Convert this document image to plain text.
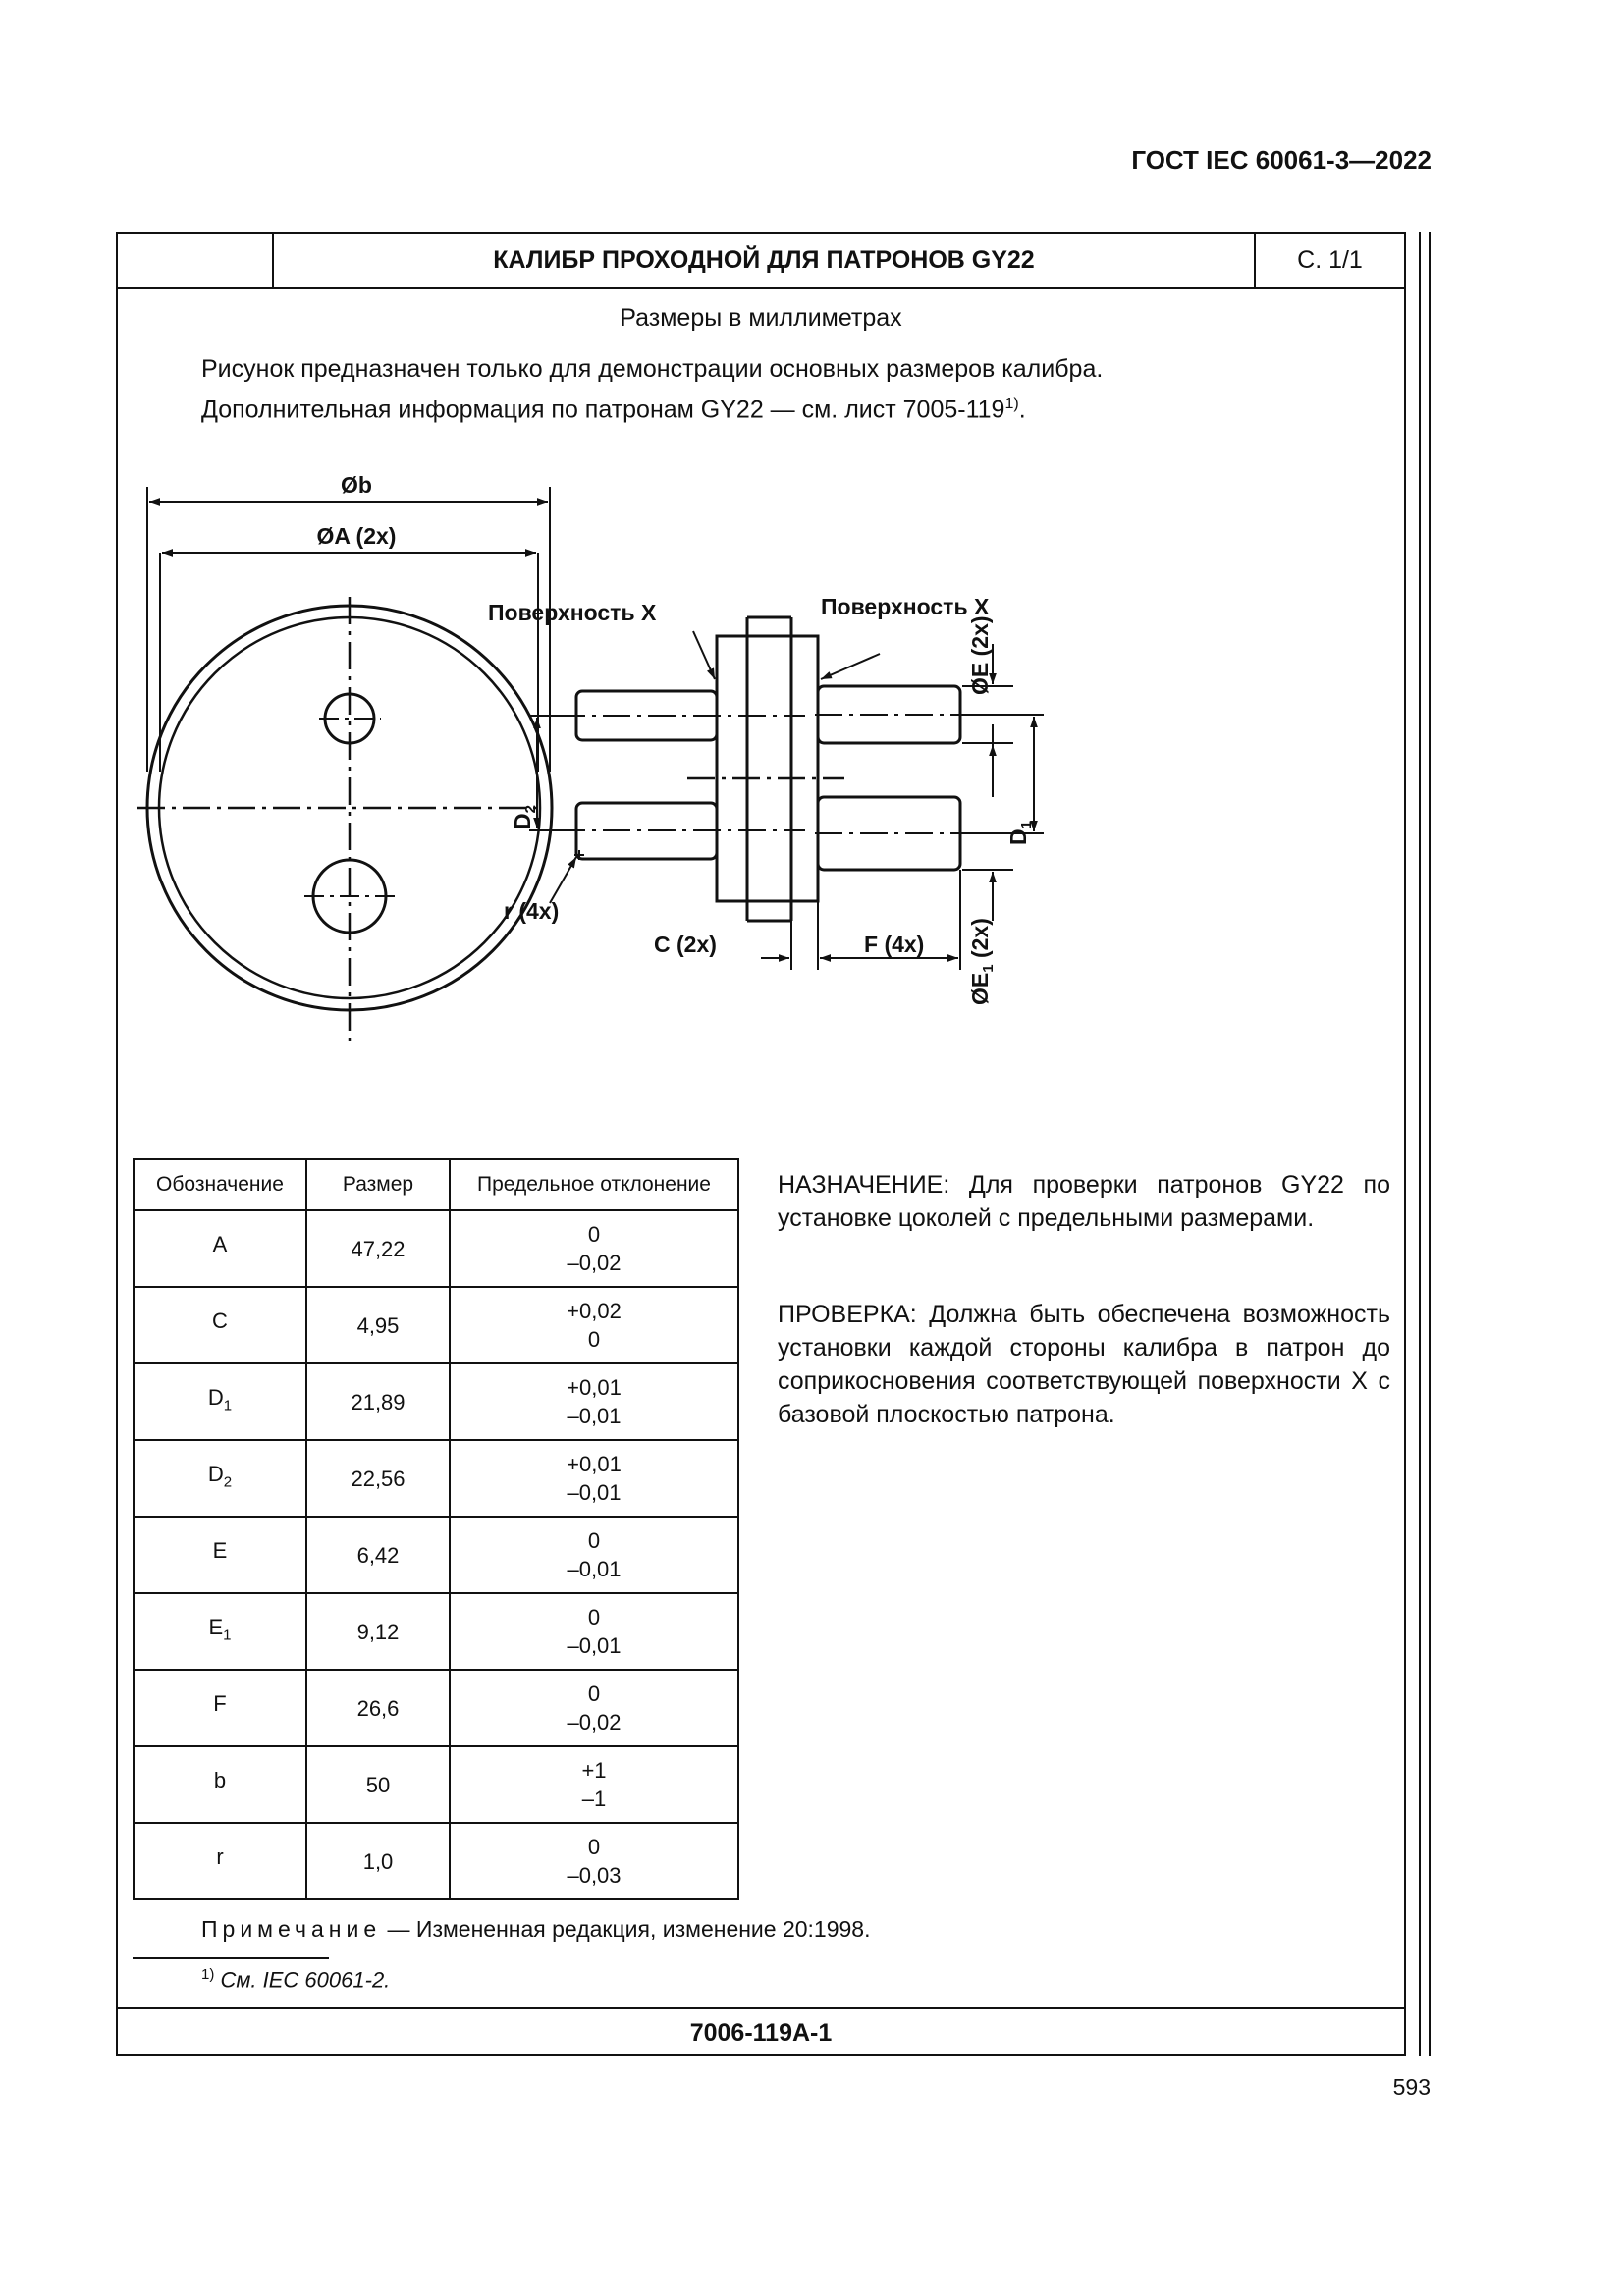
ГОСТ IEC 60061-3—2022
КАЛИБР ПРОХОДНОЙ ДЛЯ ПАТРОНОВ GY22	С. 1/1
Размеры в миллиметрах
Рисунок предназначен только для демонстрации основных размеров калибра.
Дополнительная информация по патронам GY22 — см. лист 7005-119$^{1)}$.
Øb
ØA (2x)
Поверхность X	Поверхность X
ØE (2x)
$ØE_1$ (2x)
$D_1$
$D_2$
r (4x)
C (2x)	F (4x)
Обозначение	Размер	Предельное отклонение
A	47,22	0
–0,02

C	4,95	+0,02
0

$D_1$	21,89	+0,01
–0,01

$D_2$	22,56	+0,01
–0,01

E	6,42	0
–0,01

$E_1$	9,12	0
–0,01

F	26,6	0
–0,02

b	50	+1
–1

r	1,0	0
–0,03
НАЗНАЧЕНИЕ: Для проверки патронов GY22 по установке цоколей с предельными размерами.
ПРОВЕРКА: Должна быть обеспечена возможность установки каждой стороны калибра в патрон до соприкосновения соответствующей поверхности X с базовой плоскостью патрона.
Примечание — Измененная редакция, изменение 20:1998.
$^{1)}$ См. IEC 60061-2.
7006-119A-1
593
